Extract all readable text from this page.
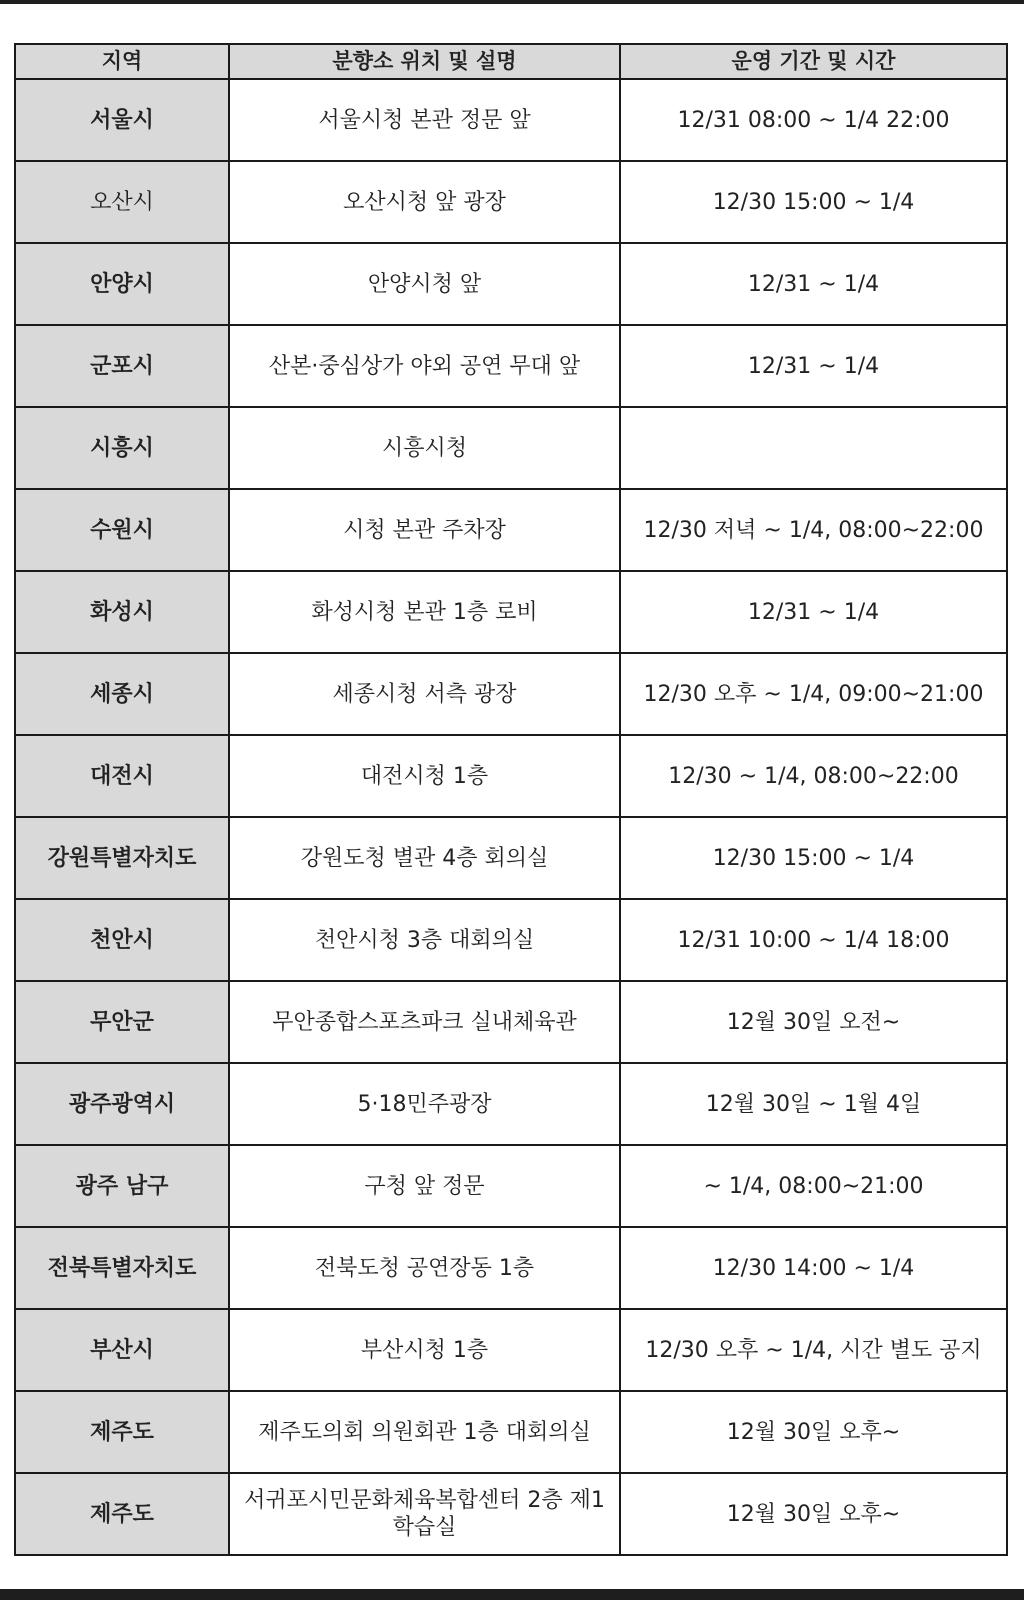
지역	분향소 위치 및 설명	운영 기간 및 시간
서울시	서울시청 본관 정문 앞	12/31 08:00 ~ 1/4 22:00
오산시	오산시청 앞 광장	12/30 15:00 ~ 1/4
안양시	안양시청 앞	12/31 ~ 1/4
군포시	산본·중심상가 야외 공연 무대 앞	12/31 ~ 1/4
시흥시	시흥시청	
수원시	시청 본관 주차장	12/30 저녁 ~ 1/4, 08:00~22:00
화성시	화성시청 본관 1층 로비	12/31 ~ 1/4
세종시	세종시청 서측 광장	12/30 오후 ~ 1/4, 09:00~21:00
대전시	대전시청 1층	12/30 ~ 1/4, 08:00~22:00
강원특별자치도	강원도청 별관 4층 회의실	12/30 15:00 ~ 1/4
천안시	천안시청 3층 대회의실	12/31 10:00 ~ 1/4 18:00
무안군	무안종합스포츠파크 실내체육관	12월 30일 오전~
광주광역시	5·18민주광장	12월 30일 ~ 1월 4일
광주 남구	구청 앞 정문	~ 1/4, 08:00~21:00
전북특별자치도	전북도청 공연장동 1층	12/30 14:00 ~ 1/4
부산시	부산시청 1층	12/30 오후 ~ 1/4, 시간 별도 공지
제주도	제주도의회 의원회관 1층 대회의실	12월 30일 오후~
제주도	서귀포시민문화체육복합센터 2층 제1학습실	12월 30일 오후~
